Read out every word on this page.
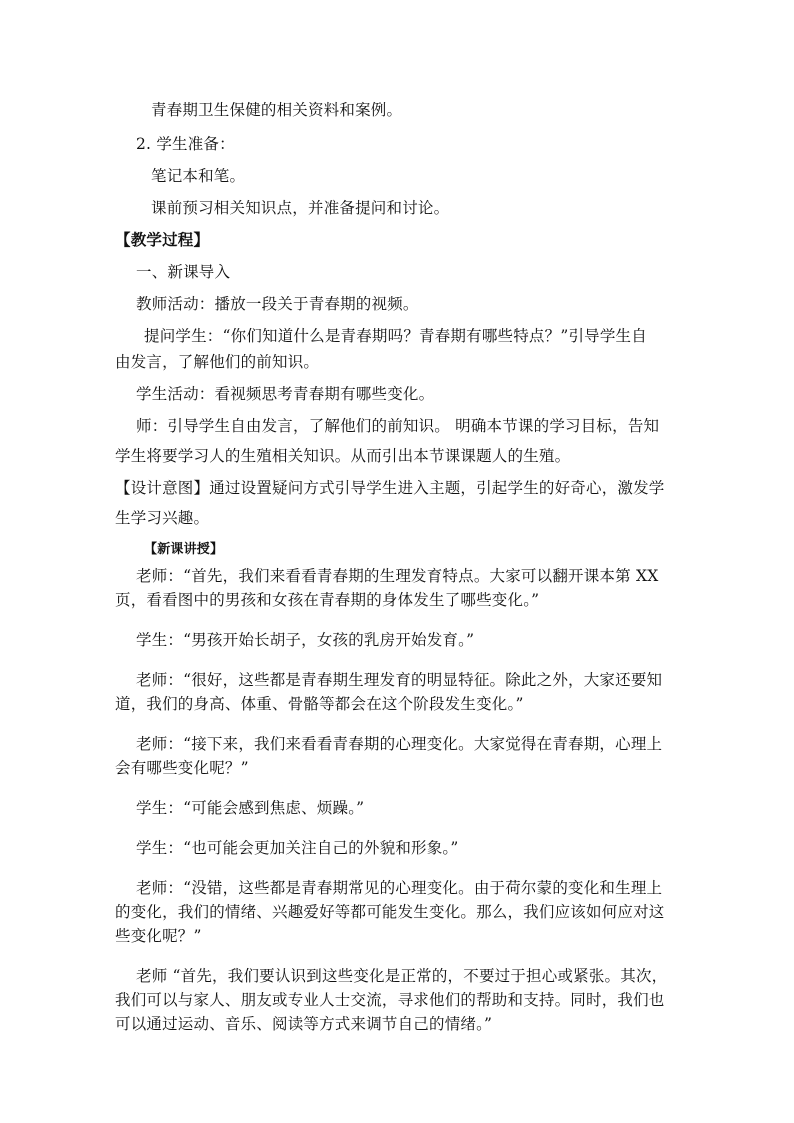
青春期卫生保健的相关资料和案例。
2. 学生准备：
笔记本和笔。
课前预习相关知识点，并准备提问和讨论。
【教学过程】
一、新课导入
教师活动：播放一段关于青春期的视频。
提问学生：“你们知道什么是青春期吗？青春期有哪些特点？”引导学生自
由发言，了解他们的前知识。
学生活动：看视频思考青春期有哪些变化。
师：引导学生自由发言，了解他们的前知识。 明确本节课的学习目标，告知
学生将要学习人的生殖相关知识。从而引出本节课课题人的生殖。
【设计意图】通过设置疑问方式引导学生进入主题，引起学生的好奇心，激发学
生学习兴趣。
【新课讲授】
老师：“首先，我们来看看青春期的生理发育特点。大家可以翻开课本第 XX
页，看看图中的男孩和女孩在青春期的身体发生了哪些变化。”
学生：“男孩开始长胡子，女孩的乳房开始发育。”
老师：“很好，这些都是青春期生理发育的明显特征。除此之外，大家还要知
道，我们的身高、体重、骨骼等都会在这个阶段发生变化。”
老师：“接下来，我们来看看青春期的心理变化。大家觉得在青春期，心理上
会有哪些变化呢？”
学生：“可能会感到焦虑、烦躁。”
学生：“也可能会更加关注自己的外貌和形象。”
老师：“没错，这些都是青春期常见的心理变化。由于荷尔蒙的变化和生理上
的变化，我们的情绪、兴趣爱好等都可能发生变化。那么，我们应该如何应对这
些变化呢？”
老师 “首先，我们要认识到这些变化是正常的，不要过于担心或紧张。其次，
我们可以与家人、朋友或专业人士交流，寻求他们的帮助和支持。同时，我们也
可以通过运动、音乐、阅读等方式来调节自己的情绪。”
